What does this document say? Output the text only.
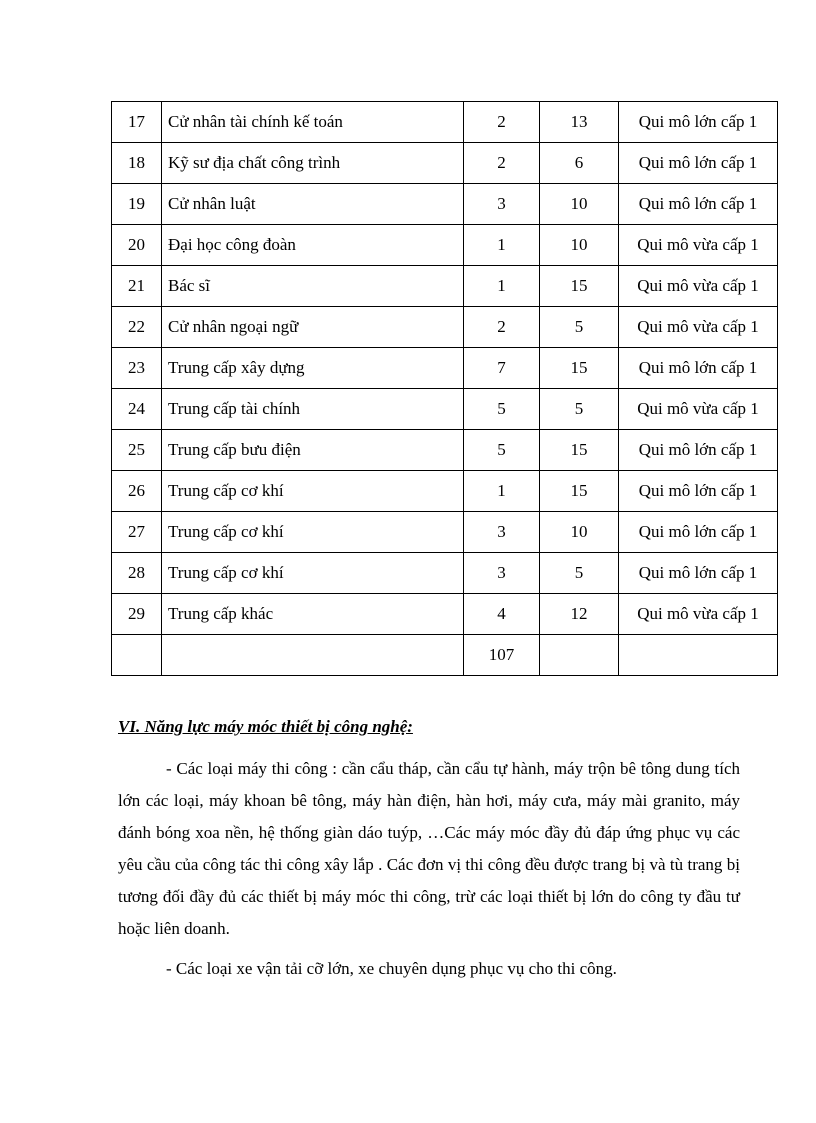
17	Cử nhân tài chính kế toán	2	13	Qui mô lớn cấp 1
18	Kỹ sư địa chất công trình	2	6	Qui mô lớn cấp 1
19	Cử nhân luật	3	10	Qui mô lớn cấp 1
20	Đại học công đoàn	1	10	Qui mô vừa cấp 1
21	Bác sĩ	1	15	Qui mô vừa cấp 1
22	Cử nhân ngoại ngữ	2	5	Qui mô vừa cấp 1
23	Trung cấp xây dựng	7	15	Qui mô lớn cấp 1
24	Trung cấp tài chính	5	5	Qui mô vừa cấp 1
25	Trung cấp bưu điện	5	15	Qui mô lớn cấp 1
26	Trung cấp cơ khí	1	15	Qui mô lớn cấp 1
27	Trung cấp cơ khí	3	10	Qui mô lớn cấp 1
28	Trung cấp cơ khí	3	5	Qui mô lớn cấp 1
29	Trung cấp khác	4	12	Qui mô vừa cấp 1
		107		
VI. Năng lực máy móc thiết bị công nghệ:
- Các loại máy thi công : cần cẩu tháp, cần cẩu tự hành, máy trộn bê tông dung tích lớn các loại, máy khoan bê tông, máy hàn điện, hàn hơi, máy cưa, máy mài granito, máy đánh bóng xoa nền, hệ thống giàn dáo tuýp, …Các máy móc đầy đủ đáp ứng phục vụ các yêu cầu của công tác thi công xây lắp . Các đơn vị thi công đều được trang bị và tù trang bị tương đối đầy đủ các thiết bị máy móc thi công, trừ các loại thiết bị lớn do công ty đầu tư hoặc liên doanh.
- Các loại xe vận tải cỡ lớn, xe chuyên dụng phục vụ cho thi công.
